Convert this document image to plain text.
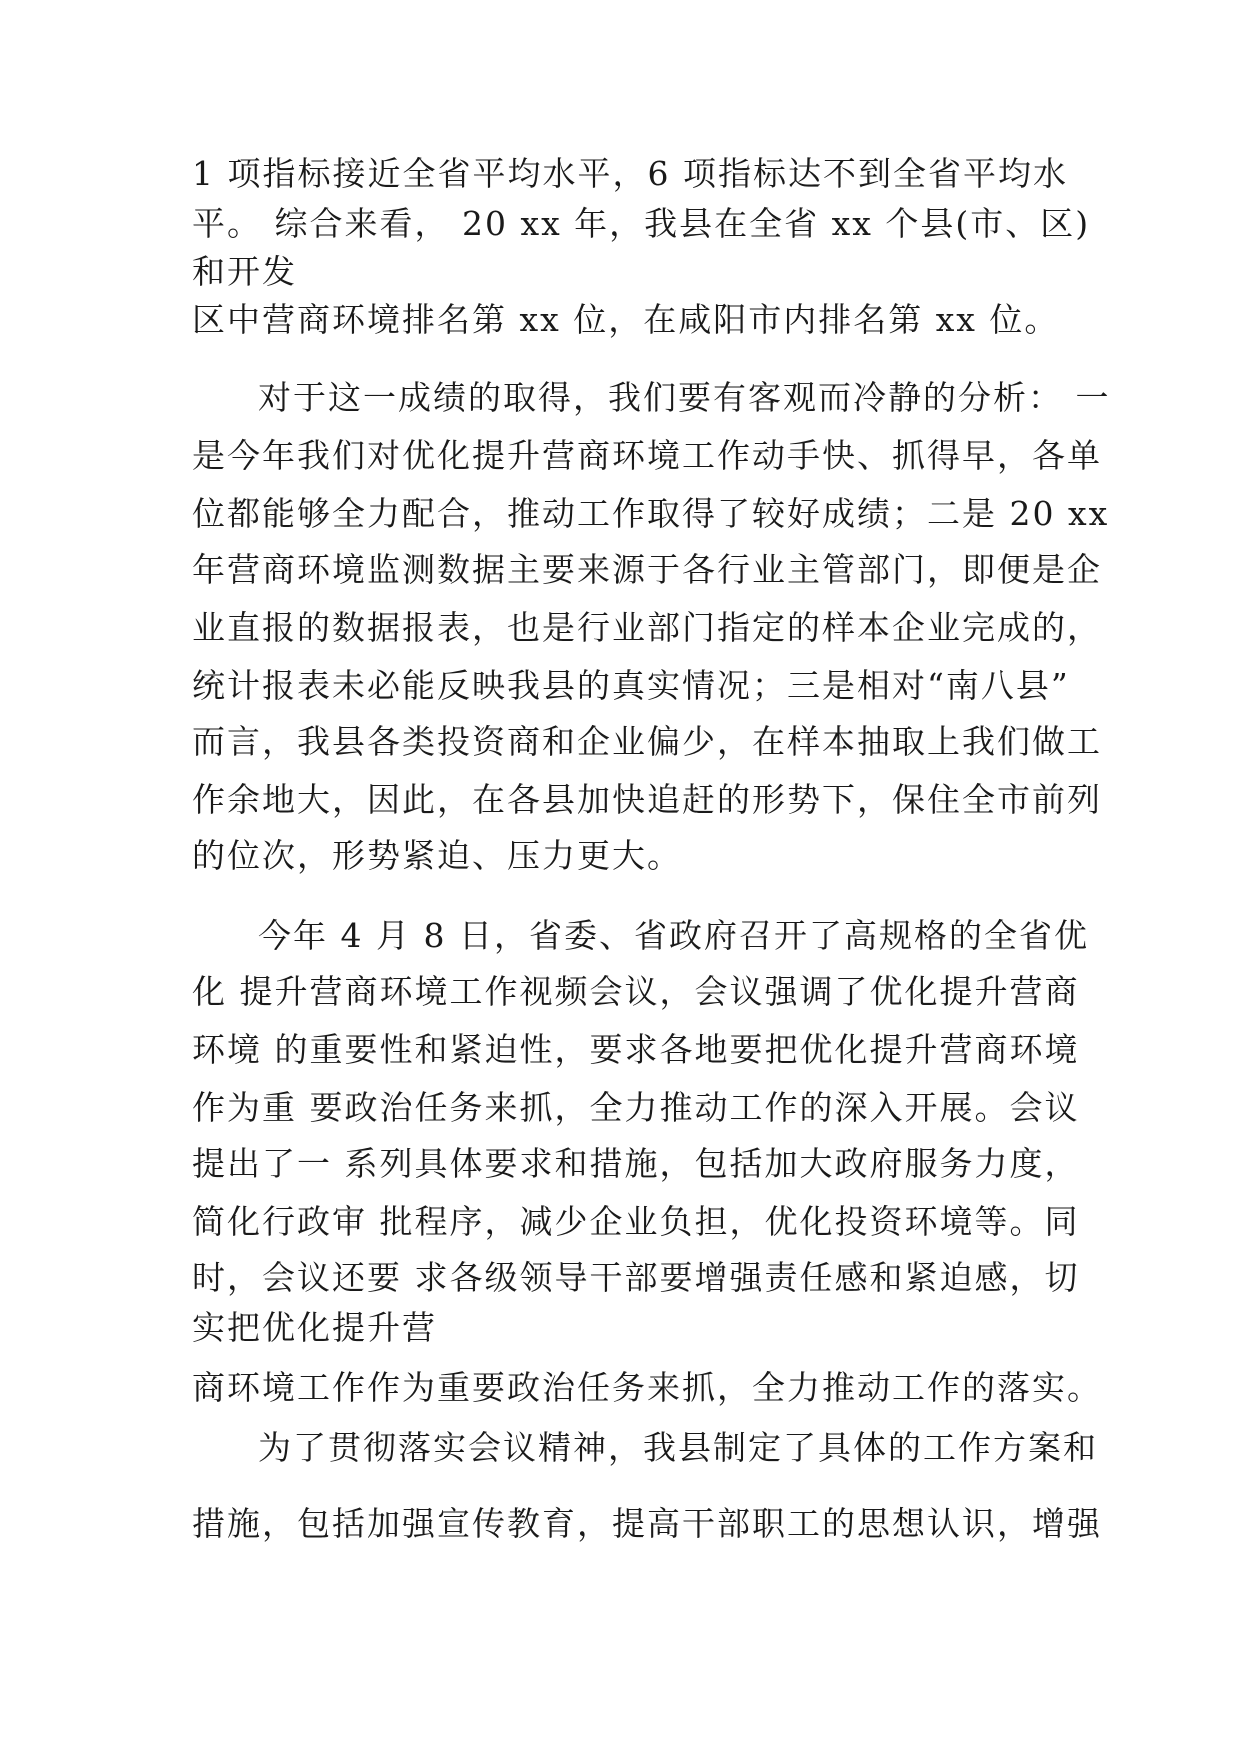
1 项指标接近全省平均水平，6 项指标达不到全省平均水
平。 综合来看， 20 xx 年，我县在全省 xx 个县(市、区)
和开发
区中营商环境排名第 xx 位，在咸阳市内排名第 xx 位。
对于这一成绩的取得，我们要有客观而冷静的分析： 一
是今年我们对优化提升营商环境工作动手快、抓得早，各单
位都能够全力配合，推动工作取得了较好成绩；二是 20 xx
年营商环境监测数据主要来源于各行业主管部门，即便是企
业直报的数据报表，也是行业部门指定的样本企业完成的，
统计报表未必能反映我县的真实情况；三是相对“南八县”
而言，我县各类投资商和企业偏少，在样本抽取上我们做工
作余地大，因此，在各县加快追赶的形势下，保住全市前列
的位次，形势紧迫、压力更大。
今年 4 月 8 日，省委、省政府召开了高规格的全省优
化 提升营商环境工作视频会议，会议强调了优化提升营商
环境 的重要性和紧迫性，要求各地要把优化提升营商环境
作为重 要政治任务来抓，全力推动工作的深入开展。会议
提出了一 系列具体要求和措施，包括加大政府服务力度，
简化行政审 批程序，减少企业负担，优化投资环境等。同
时，会议还要 求各级领导干部要增强责任感和紧迫感，切
实把优化提升营
商环境工作作为重要政治任务来抓，全力推动工作的落实。
为了贯彻落实会议精神，我县制定了具体的工作方案和
措施，包括加强宣传教育，提高干部职工的思想认识，增强
